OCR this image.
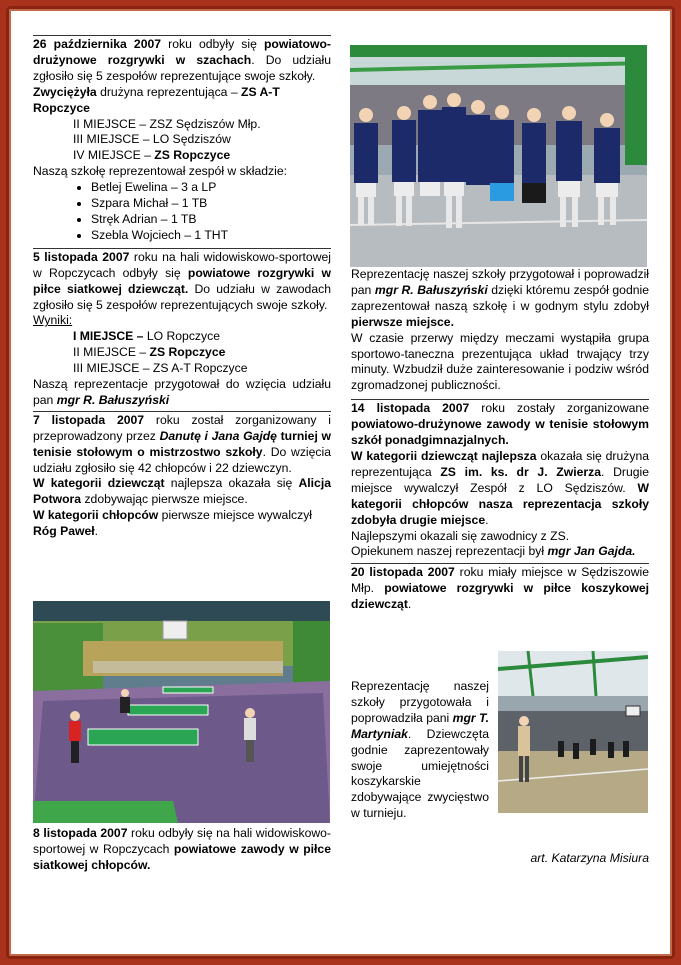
26 października 2007 roku odbyły się powiatowo-drużynowe rozgrywki w szachach. Do udziału zgłosiło się 5 zespołów reprezentujące swoje szkoły.

Zwyciężyła drużyna reprezentująca – ZS A-T Ropczyce

II MIEJSCE – ZSZ Sędziszów Młp.

III MIEJSCE – LO Sędziszów

IV MIEJSCE – ZS Ropczyce

Naszą szkołę reprezentował zespół w składzie:

• Betlej Ewelina – 3 a LP
• Szpara Michał – 1 TB
• Stręk Adrian – 1 TB
• Szebla Wojciech – 1 THT

5 listopada 2007 roku na hali widowiskowo-sportowej w Ropczycach odbyły się powiatowe rozgrywki w piłce siatkowej dziewcząt. Do udziału w zawodach zgłosiło się 5 zespołów reprezentujących swoje szkoły.

Wyniki:

I MIEJSCE – LO Ropczyce

II MIEJSCE – ZS Ropczyce

III MIEJSCE – ZS A-T Ropczyce

Naszą reprezentacje przygotował do wzięcia udziału pan mgr R. Bałuszyński

7 listopada 2007 roku został zorganizowany i przeprowadzony przez Danutę i Jana Gajdę turniej w tenisie stołowym o mistrzostwo szkoły. Do wzięcia udziału zgłosiło się 42 chłopców i 22 dziewczyn.

W kategorii dziewcząt najlepsza okazała się Alicja Potwora zdobywając pierwsze miejsce.

W kategorii chłopców pierwsze miejsce wywalczył Róg Paweł.

8 listopada 2007 roku odbyły się na hali widowiskowo-sportowej w Ropczycach powiatowe zawody w piłce siatkowej chłopców.

Reprezentację naszej szkoły przygotował i poprowadził pan mgr R. Bałuszyński dzięki któremu zespół godnie zaprezentował naszą szkołę i w godnym stylu zdobył pierwsze miejsce.

W czasie przerwy między meczami wystąpiła grupa sportowo-taneczna prezentująca układ trwający trzy minuty. Wzbudził duże zainteresowanie i podziw wśród zgromadzonej publiczności.

14 listopada 2007 roku zostały zorganizowane powiatowo-drużynowe zawody w tenisie stołowym szkół ponadgimnazjalnych.

W kategorii dziewcząt najlepsza okazała się drużyna reprezentująca ZS im. ks. dr J. Zwierza. Drugie miejsce wywalczył Zespół z LO Sędziszów. W kategorii chłopców nasza reprezentacja szkoły zdobyła drugie miejsce.

Najlepszymi okazali się zawodnicy z ZS.

Opiekunem naszej reprezentacji był mgr Jan Gajda.

20 listopada 2007 roku miały miejsce w Sędziszowie Młp. powiatowe rozgrywki w piłce koszykowej dziewcząt.

Reprezentację naszej szkoły przygotowała i poprowadziła pani mgr T. Martyniak. Dziewczęta godnie zaprezentowały swoje umiejętności koszykarskie zdobywające zwycięstwo w turnieju.

art. Katarzyna Misiura
